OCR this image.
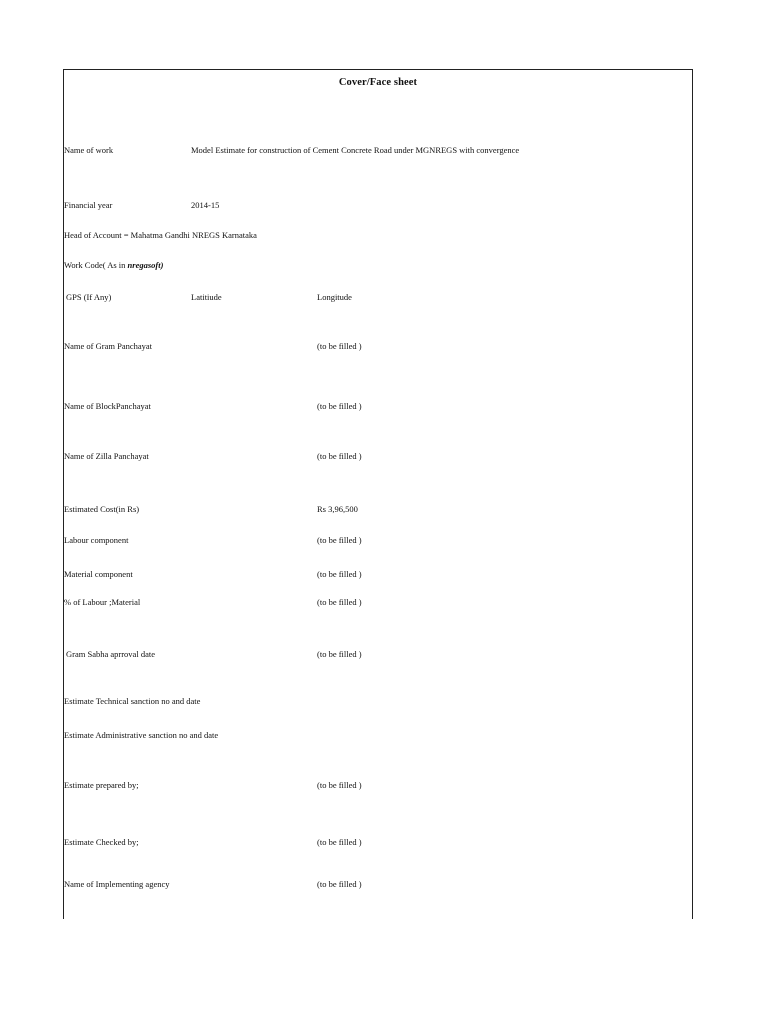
Cover/Face sheet
Name of work	Model Estimate for construction of Cement Concrete Road under MGNREGS with convergence
Financial year	2014-15
Head of Account = Mahatma Gandhi NREGS Karnataka
Work Code( As in nregasoft)
GPS (If Any)	Latitiude	Longitude
Name of Gram Panchayat	(to be filled )
Name of BlockPanchayat	(to be filled )
Name of Zilla Panchayat	(to be filled )
Estimated Cost(in Rs)	Rs 3,96,500
Labour component	(to be filled )
Material component	(to be filled )
% of Labour ;Material	(to be filled )
Gram Sabha aprroval date	(to be filled )
Estimate Technical sanction no and date
Estimate Administrative sanction no and date
Estimate prepared by;	(to be filled )
Estimate Checked by;	(to be filled )
Name of Implementing agency	(to be filled )
